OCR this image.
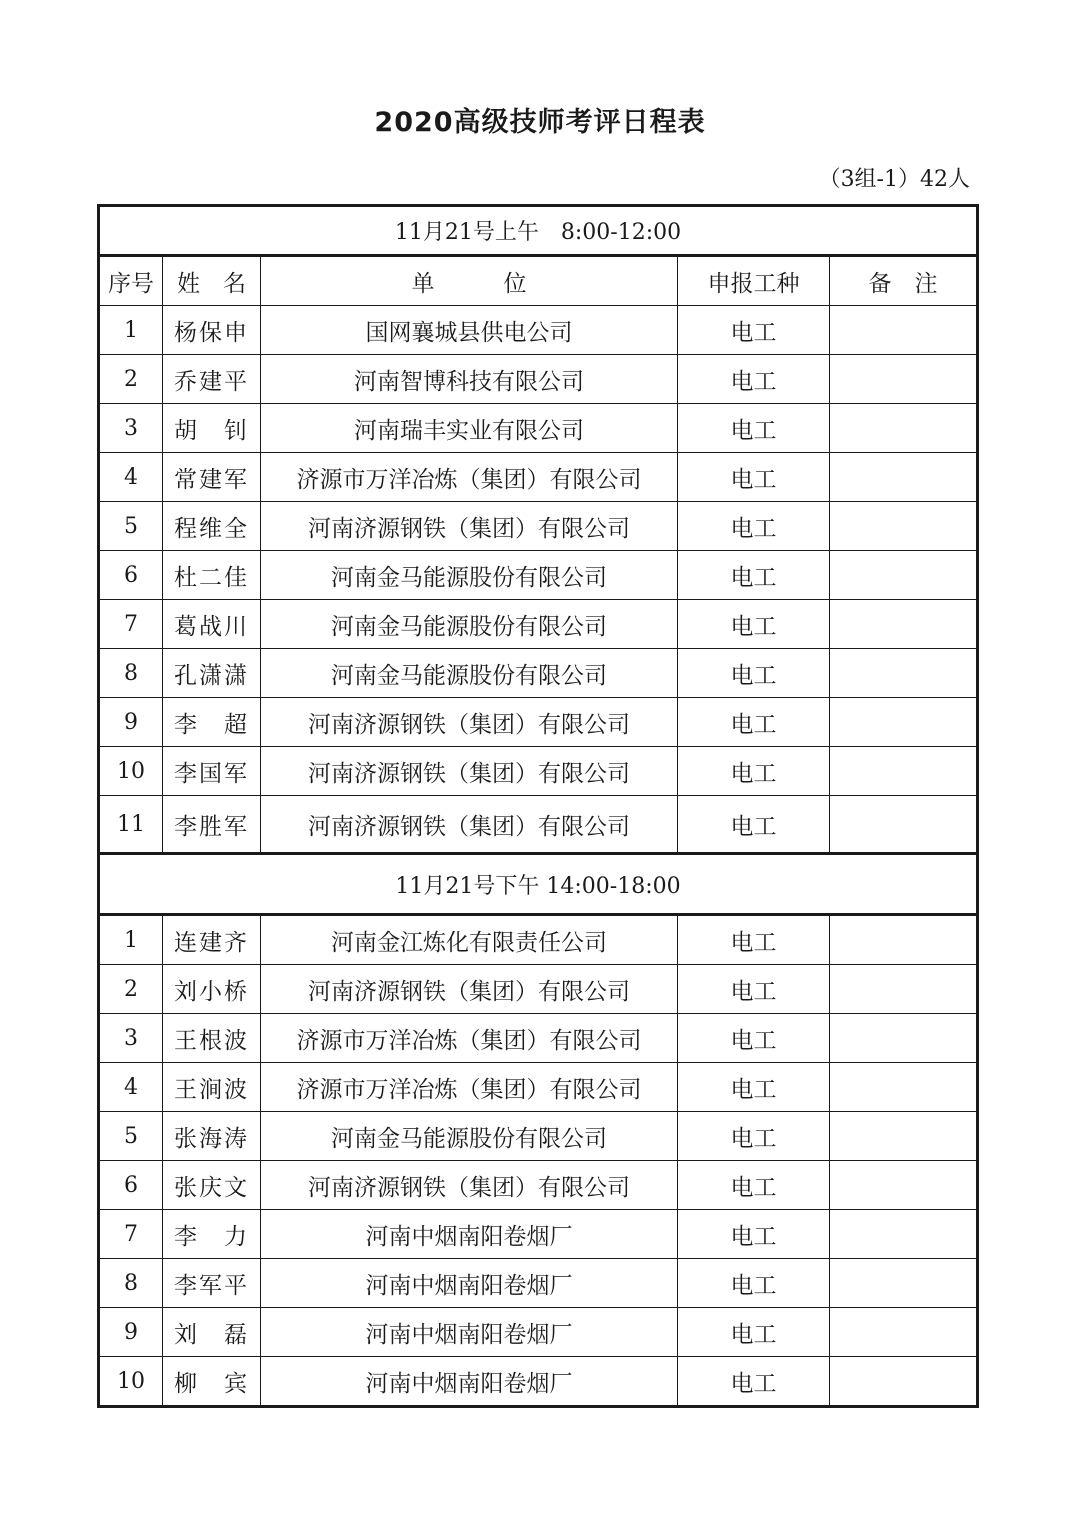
2020高级技师考评日程表
（3组-1）42人
11月21号上午　8:00-12:00				
序号	姓　名	单　　　位	申报工种	备　注
1	杨保申	国网襄城县供电公司	电工	
2	乔建平	河南智博科技有限公司	电工	
3	胡　钊	河南瑞丰实业有限公司	电工	
4	常建军	济源市万洋冶炼（集团）有限公司	电工	
5	程维全	河南济源钢铁（集团）有限公司	电工	
6	杜二佳	河南金马能源股份有限公司	电工	
7	葛战川	河南金马能源股份有限公司	电工	
8	孔潇潇	河南金马能源股份有限公司	电工	
9	李　超	河南济源钢铁（集团）有限公司	电工	
10	李国军	河南济源钢铁（集团）有限公司	电工	
11	李胜军	河南济源钢铁（集团）有限公司	电工	
11月21号下午 14:00-18:00				
1	连建齐	河南金江炼化有限责任公司	电工	
2	刘小桥	河南济源钢铁（集团）有限公司	电工	
3	王根波	济源市万洋冶炼（集团）有限公司	电工	
4	王涧波	济源市万洋冶炼（集团）有限公司	电工	
5	张海涛	河南金马能源股份有限公司	电工	
6	张庆文	河南济源钢铁（集团）有限公司	电工	
7	李　力	河南中烟南阳卷烟厂	电工	
8	李军平	河南中烟南阳卷烟厂	电工	
9	刘　磊	河南中烟南阳卷烟厂	电工	
10	柳　宾	河南中烟南阳卷烟厂	电工	
